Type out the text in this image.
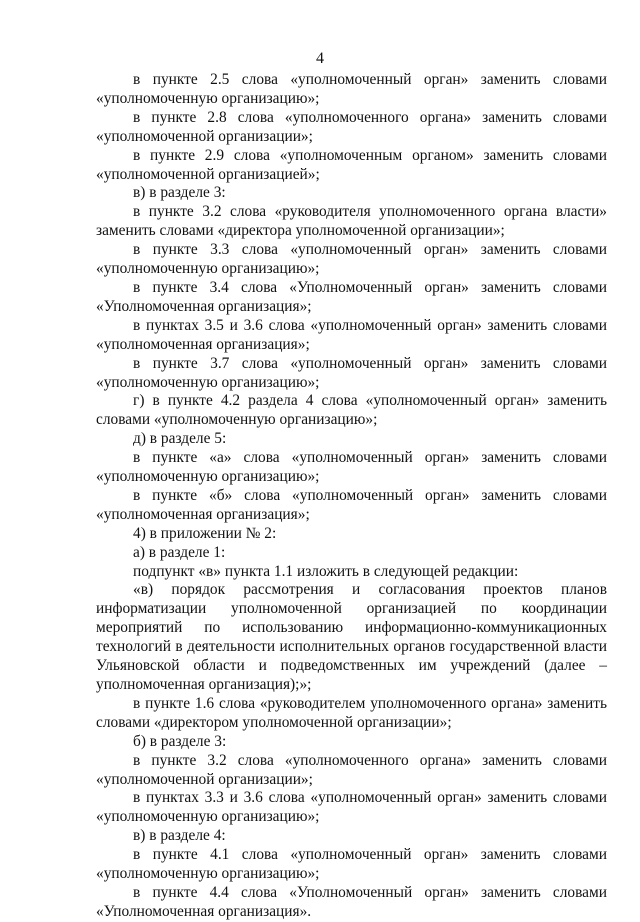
4

в пункте 2.5 слова «уполномоченный орган» заменить словами «уполномоченную организацию»;

в пункте 2.8 слова «уполномоченного органа» заменить словами «уполномоченной организации»;

в пункте 2.9 слова «уполномоченным органом» заменить словами «уполномоченной организацией»;

в) в разделе 3:

в пункте 3.2 слова «руководителя уполномоченного органа власти» заменить словами «директора уполномоченной организации»;

в пункте 3.3 слова «уполномоченный орган» заменить словами «уполномоченную организацию»;

в пункте 3.4 слова «Уполномоченный орган» заменить словами «Уполномоченная организация»;

в пунктах 3.5 и 3.6 слова «уполномоченный орган» заменить словами «уполномоченная организация»;

в пункте 3.7 слова «уполномоченный орган» заменить словами «уполномоченную организацию»;

г) в пункте 4.2 раздела 4 слова «уполномоченный орган» заменить словами «уполномоченную организацию»;

д) в разделе 5:

в пункте «а» слова «уполномоченный орган» заменить словами «уполномоченную организацию»;

в пункте «б» слова «уполномоченный орган» заменить словами «уполномоченная организация»;

4) в приложении № 2:

а) в разделе 1:

подпункт «в» пункта 1.1 изложить в следующей редакции:

«в) порядок рассмотрения и согласования проектов планов информатизации уполномоченной организацией по координации мероприятий по использованию информационно-коммуникационных технологий в деятельности исполнительных органов государственной власти Ульяновской области и подведомственных им учреждений (далее – уполномоченная организация);»;

в пункте 1.6 слова «руководителем уполномоченного органа» заменить словами «директором уполномоченной организации»;

б) в разделе 3:

в пункте 3.2 слова «уполномоченного органа» заменить словами «уполномоченной организации»;

в пунктах 3.3 и 3.6 слова «уполномоченный орган» заменить словами «уполномоченную организацию»;

в) в разделе 4:

в пункте 4.1 слова «уполномоченный орган» заменить словами «уполномоченную организацию»;

в пункте 4.4 слова «Уполномоченный орган» заменить словами «Уполномоченная организация».
